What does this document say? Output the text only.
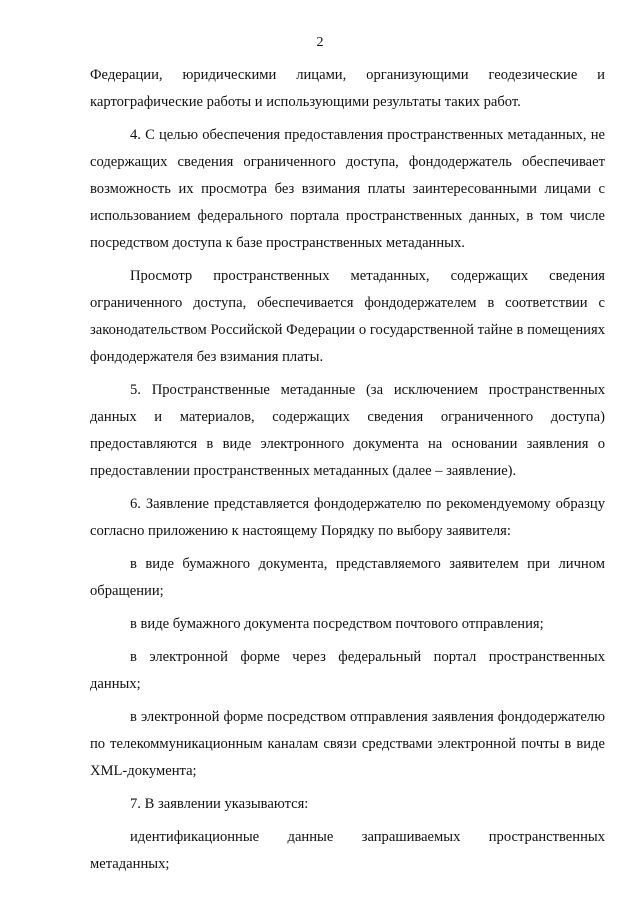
2

Федерации, юридическими лицами, организующими геодезические и картографические работы и использующими результаты таких работ.

4. С целью обеспечения предоставления пространственных метаданных, не содержащих сведения ограниченного доступа, фондодержатель обеспечивает возможность их просмотра без взимания платы заинтересованными лицами с использованием федерального портала пространственных данных, в том числе посредством доступа к базе пространственных метаданных.

Просмотр пространственных метаданных, содержащих сведения ограниченного доступа, обеспечивается фондодержателем в соответствии с законодательством Российской Федерации о государственной тайне в помещениях фондодержателя без взимания платы.

5. Пространственные метаданные (за исключением пространственных данных и материалов, содержащих сведения ограниченного доступа) предоставляются в виде электронного документа на основании заявления о предоставлении пространственных метаданных (далее – заявление).

6. Заявление представляется фондодержателю по рекомендуемому образцу согласно приложению к настоящему Порядку по выбору заявителя:

в виде бумажного документа, представляемого заявителем при личном обращении;

в виде бумажного документа посредством почтового отправления;

в электронной форме через федеральный портал пространственных данных;

в электронной форме посредством отправления заявления фондодержателю по телекоммуникационным каналам связи средствами электронной почты в виде XML-документа;

7. В заявлении указываются:

идентификационные данные запрашиваемых пространственных метаданных;
